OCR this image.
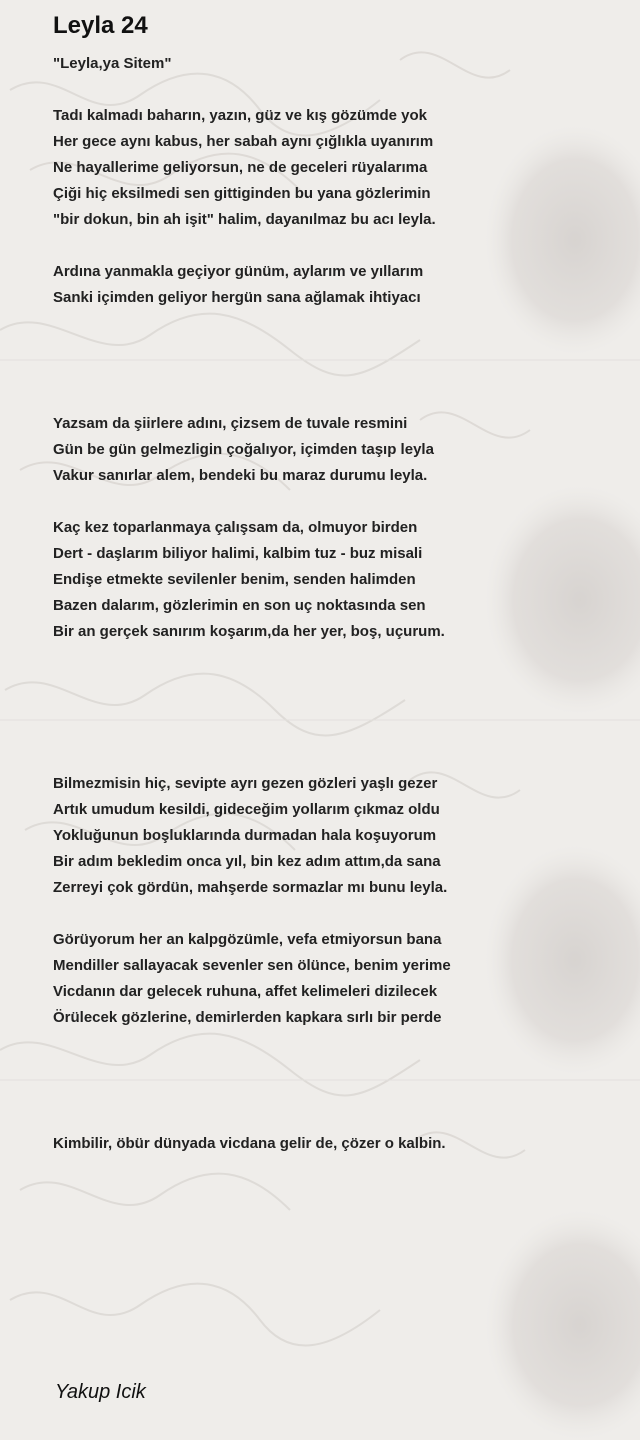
Leyla 24

"Leyla,ya Sitem"

Tadı kalmadı baharın, yazın, güz ve kış gözümde yok
Her gece aynı kabus, her sabah aynı çığlıkla uyanırım
Ne hayallerime geliyorsun, ne de geceleri rüyalarıma
Çiği hiç eksilmedi sen gittiginden bu yana gözlerimin
"bir dokun, bin ah işit" halim, dayanılmaz bu acı leyla.
Ardına yanmakla geçiyor günüm, aylarım ve yıllarım
Sanki içimden geliyor hergün sana ağlamak ihtiyacı
Yazsam da şiirlere adını, çizsem de tuvale resmini
Gün be gün gelmezligin çoğalıyor, içimden taşıp leyla
Vakur sanırlar alem, bendeki bu maraz durumu leyla.
Kaç kez toparlanmaya çalışsam da, olmuyor birden
Dert - daşlarım biliyor halimi, kalbim tuz - buz misali
Endişe etmekte sevilenler benim, senden halimden
Bazen dalarım, gözlerimin en son uç noktasında sen
Bir an gerçek sanırım koşarım,da her yer, boş, uçurum.
Bilmezmisin hiç, sevipte ayrı gezen gözleri yaşlı gezer
Artık umudum kesildi, gideceğim yollarım çıkmaz oldu
Yokluğunun boşluklarında durmadan hala koşuyorum
Bir adım bekledim onca yıl, bin kez adım attım,da sana
Zerreyi çok gördün, mahşerde sormazlar mı bunu leyla.
Görüyorum her an kalpgözümle, vefa etmiyorsun bana
Mendiller sallayacak sevenler sen ölünce, benim yerime
Vicdanın dar gelecek ruhuna, affet kelimeleri dizilecek
Örülecek gözlerine, demirlerden kapkara sırlı bir perde
Kimbilir, öbür dünyada vicdana gelir de, çözer o kalbin.

Yakup Icik
